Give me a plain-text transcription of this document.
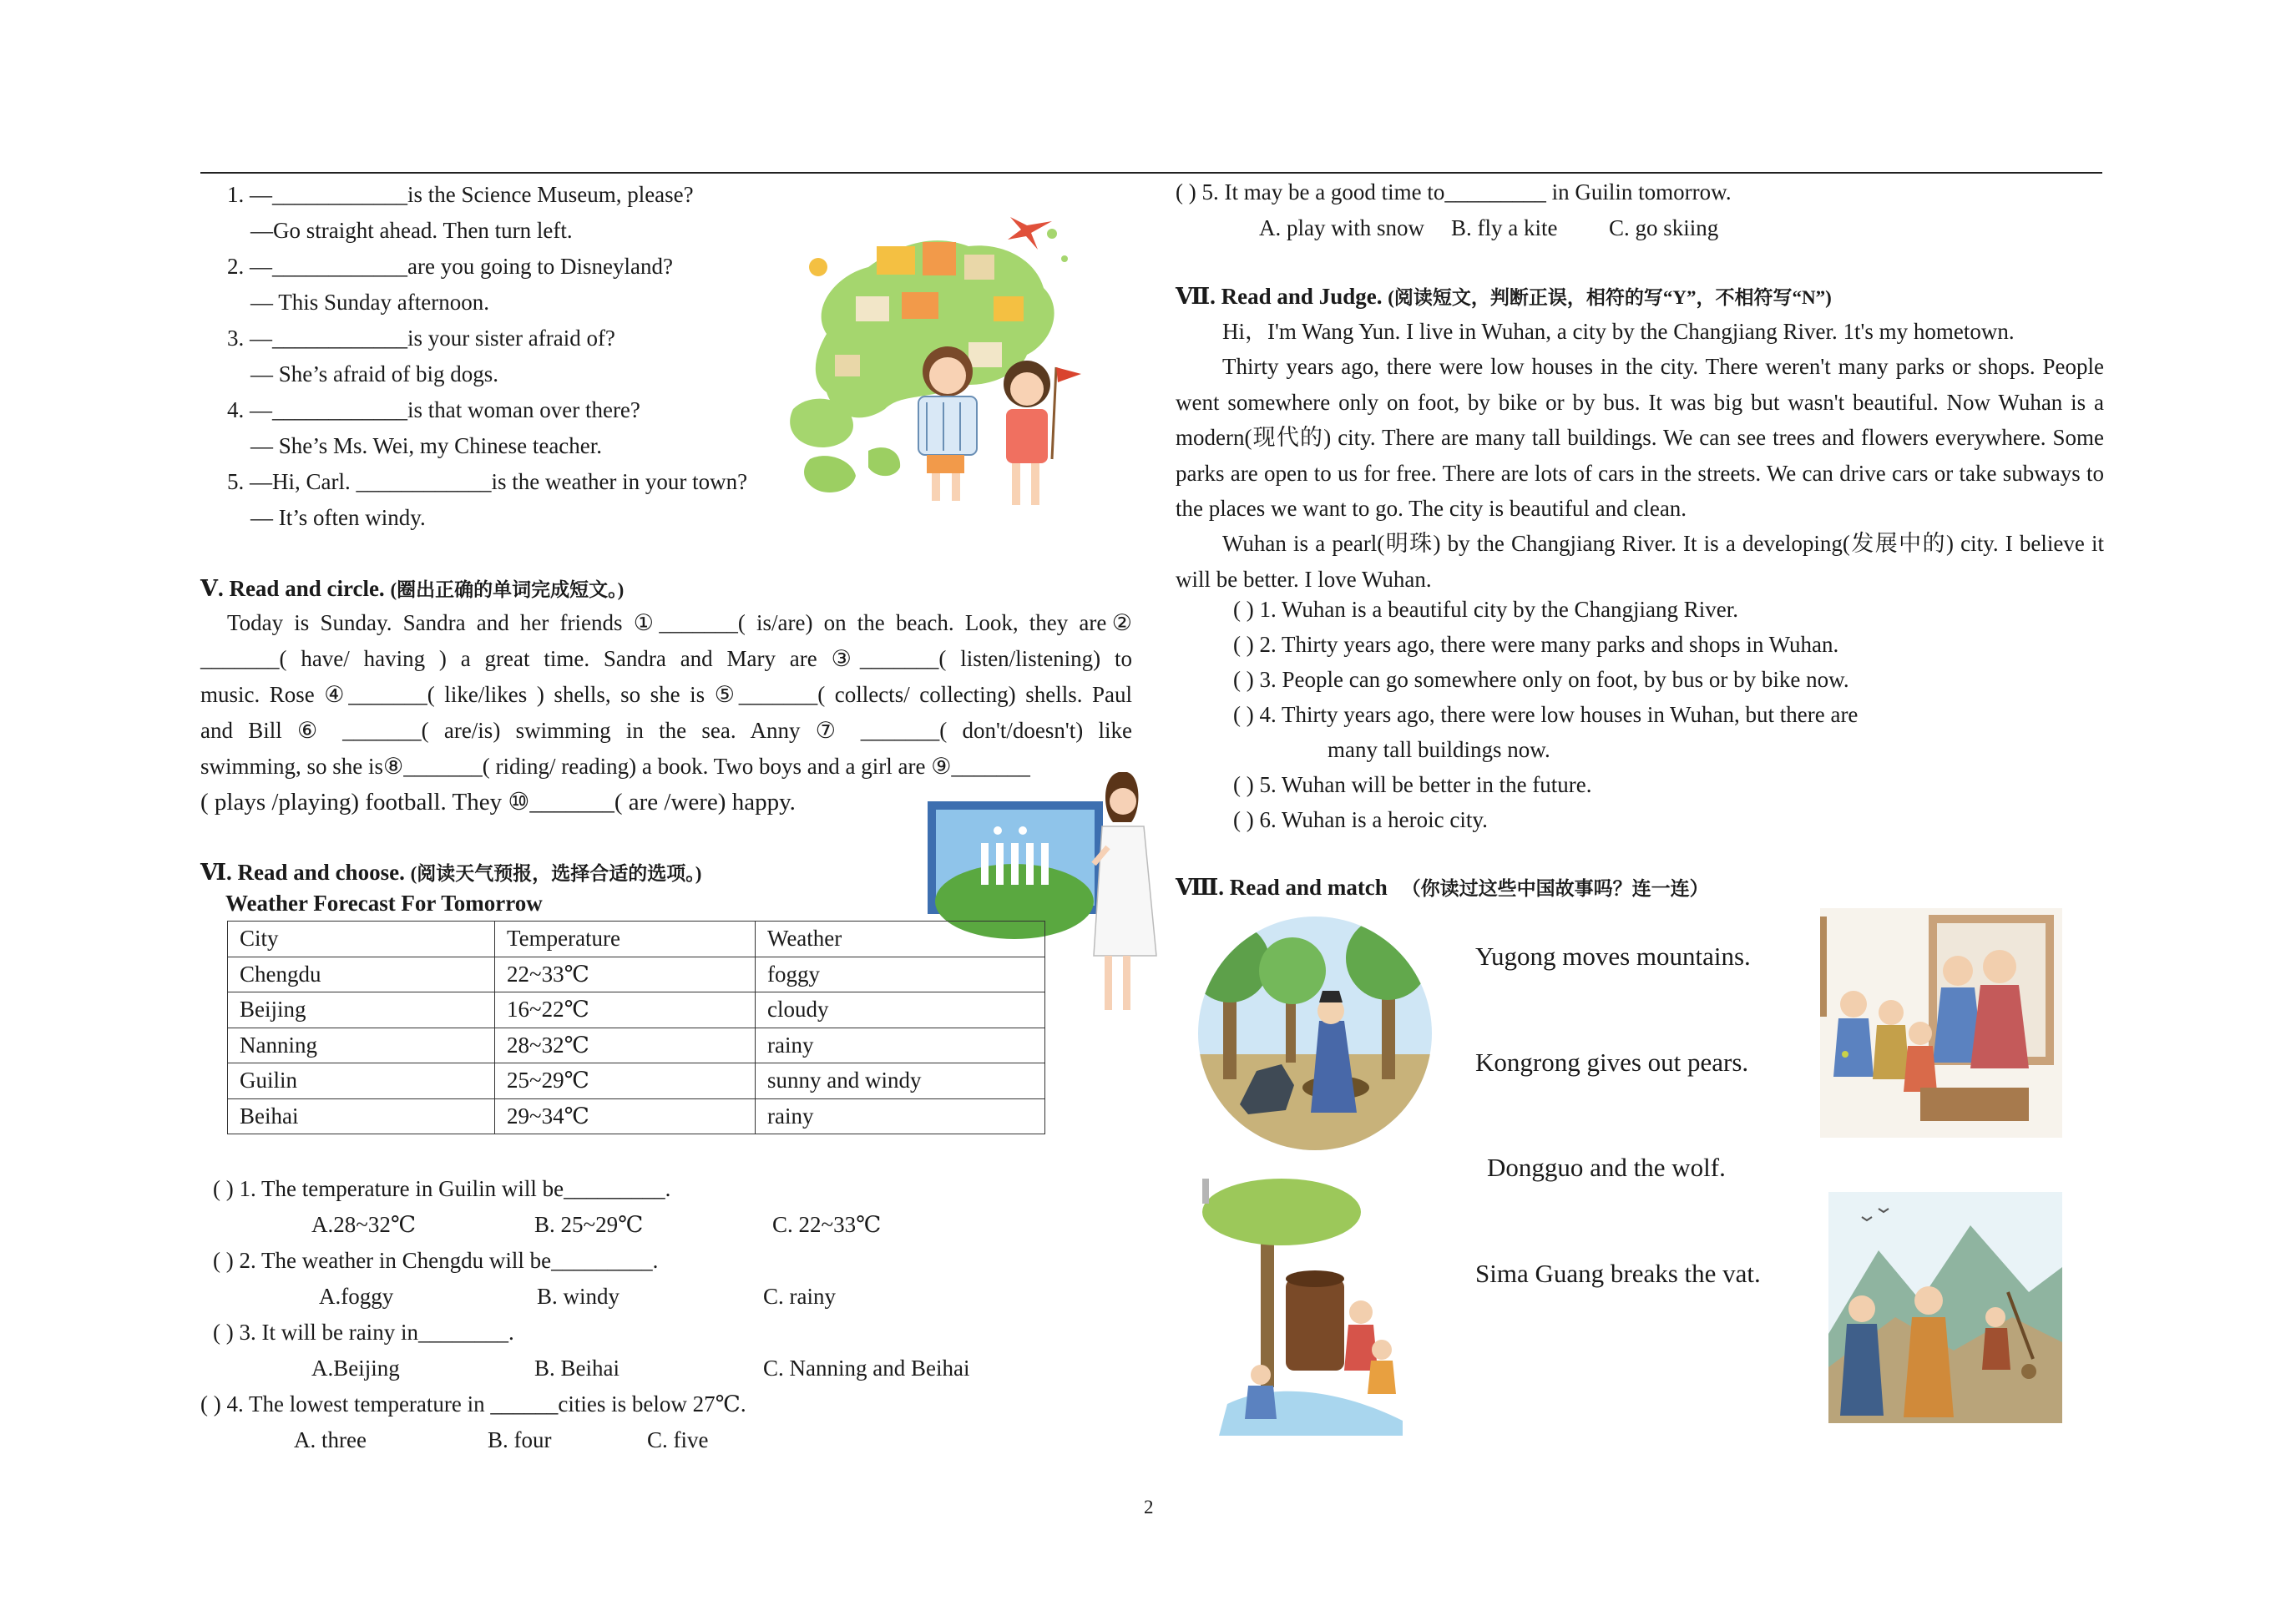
1. —____________is the Science Museum, please?
—Go straight ahead. Then turn left.
2. —____________are you going to Disneyland?
— This Sunday afternoon.
3. —____________is your sister afraid of?
— She’s afraid of big dogs.
4. —____________is that woman over there?
— She’s Ms. Wei, my Chinese teacher.
5. —Hi, Carl. ____________is the weather in your town?
— It’s often windy.
Ⅴ. Read and circle. (圈出正确的单词完成短文。)
Today is Sunday. Sandra and her friends ①_______( is/are) on the beach. Look, they are②
_______( have/ having ) a great time. Sandra and Mary are ③_______( listen/listening) to
music. Rose ④_______( like/likes ) shells, so she is ⑤_______( collects/ collecting) shells. Paul
and Bill ⑥ _______( are/is) swimming in the sea. Anny ⑦ _______( don't/doesn't) like
swimming, so she is⑧_______( riding/ reading) a book. Two boys and a girl are ⑨_______
( plays /playing) football. They ⑩_______( are /were) happy.
Ⅵ. Read and choose. (阅读天气预报，选择合适的选项。)
Weather Forecast For Tomorrow
City	Temperature	Weather
Chengdu	22~33℃	foggy
Beijing	16~22℃	cloudy
Nanning	28~32℃	rainy
Guilin	25~29℃	sunny and windy
Beihai	29~34℃	rainy
( ) 1. The temperature in Guilin will be_________.
A.28~32℃	B. 25~29℃	C. 22~33℃
( ) 2. The weather in Chengdu will be_________.
A.foggy	B. windy	C. rainy
( ) 3. It will be rainy in________.
A.Beijing	B. Beihai	C. Nanning and Beihai
( ) 4. The lowest temperature in ______cities is below 27℃.
A. three	B. four	C. five
( ) 5. It may be a good time to_________ in Guilin tomorrow.
A. play with snow B. fly a kite C. go skiing
Ⅶ. Read and Judge. (阅读短文，判断正误，相符的写“Y”，不相符写“N”)

Hi，I'm Wang Yun. I live in Wuhan, a city by the Changjiang River. 1t's my hometown.

Thirty years ago, there were low houses in the city. There weren't many parks or shops. People went somewhere only on foot, by bike or by bus. It was big but wasn't beautiful. Now Wuhan is a modern(现代的) city. There are many tall buildings. We can see trees and flowers everywhere. Some parks are open to us for free. There are lots of cars in the streets. We can drive cars or take subways to the places we want to go. The city is beautiful and clean.

Wuhan is a pearl(明珠) by the Changjiang River. It is a developing(发展中的) city. I believe it will be better. I love Wuhan.

( ) 1. Wuhan is a beautiful city by the Changjiang River.
( ) 2. Thirty years ago, there were many parks and shops in Wuhan.
( ) 3. People can go somewhere only on foot, by bus or by bike now.
( ) 4. Thirty years ago, there were low houses in Wuhan, but there are
many tall buildings now.
( ) 5. Wuhan will be better in the future.
( ) 6. Wuhan is a heroic city.
Ⅷ. Read and match （你读过这些中国故事吗？连一连）
Yugong moves mountains.
Kongrong gives out pears.
Dongguo and the wolf.
Sima Guang breaks the vat.
2
